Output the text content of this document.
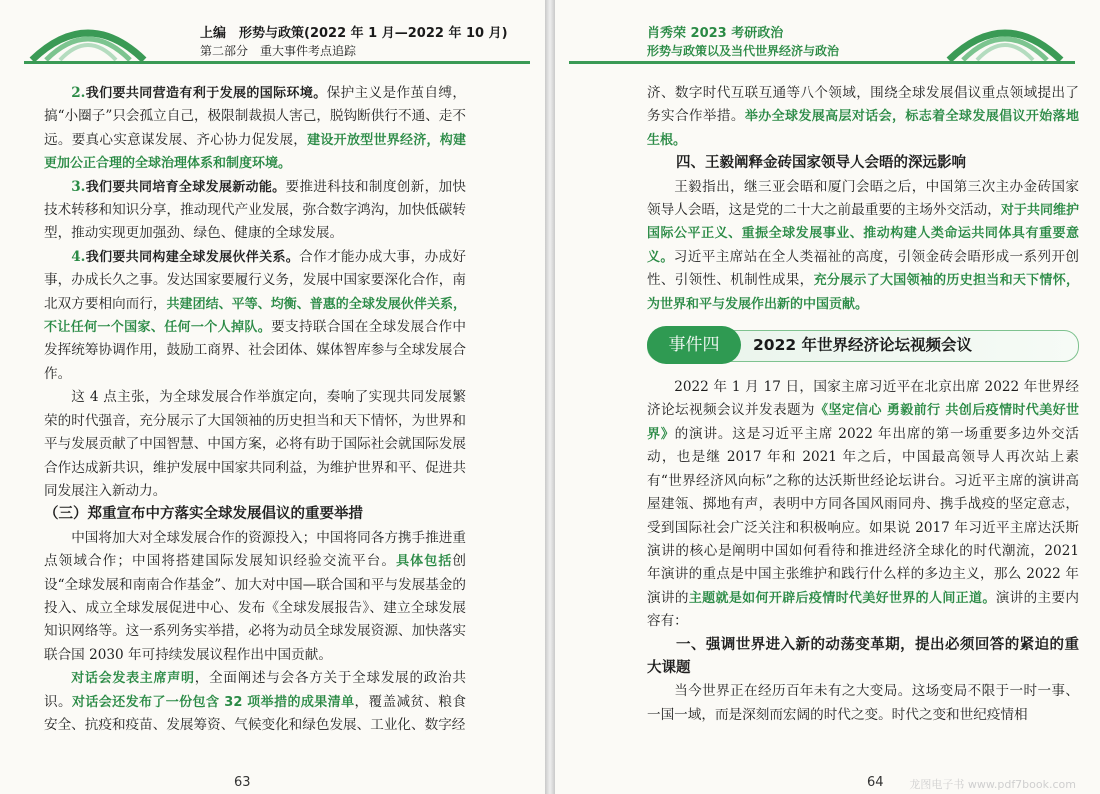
上编　形势与政策(2022 年 1 月—2022 年 10 月)
第二部分　重大事件考点追踪

2.我们要共同营造有利于发展的国际环境。保护主义是作茧自缚，搞“小圈子”只会孤立自己，极限制裁损人害己，脱钩断供行不通、走不远。要真心实意谋发展、齐心协力促发展，建设开放型世界经济，构建更加公正合理的全球治理体系和制度环境。

3.我们要共同培育全球发展新动能。要推进科技和制度创新，加快技术转移和知识分享，推动现代产业发展，弥合数字鸿沟，加快低碳转型，推动实现更加强劲、绿色、健康的全球发展。

4.我们要共同构建全球发展伙伴关系。合作才能办成大事，办成好事，办成长久之事。发达国家要履行义务，发展中国家要深化合作，南北双方要相向而行，共建团结、平等、均衡、普惠的全球发展伙伴关系，不让任何一个国家、任何一个人掉队。要支持联合国在全球发展合作中发挥统筹协调作用，鼓励工商界、社会团体、媒体智库参与全球发展合作。

这 4 点主张，为全球发展合作举旗定向，奏响了实现共同发展繁荣的时代强音，充分展示了大国领袖的历史担当和天下情怀，为世界和平与发展贡献了中国智慧、中国方案，必将有助于国际社会就国际发展合作达成新共识，维护发展中国家共同利益，为维护世界和平、促进共同发展注入新动力。

（三）郑重宣布中方落实全球发展倡议的重要举措

中国将加大对全球发展合作的资源投入；中国将同各方携手推进重点领域合作；中国将搭建国际发展知识经验交流平台。具体包括创设“全球发展和南南合作基金”、加大对中国—联合国和平与发展基金的投入、成立全球发展促进中心、发布《全球发展报告》、建立全球发展知识网络等。这一系列务实举措，必将为动员全球发展资源、加快落实联合国 2030 年可持续发展议程作出中国贡献。

对话会发表主席声明，全面阐述与会各方关于全球发展的政治共识。对话会还发布了一份包含 32 项举措的成果清单，覆盖减贫、粮食安全、抗疫和疫苗、发展筹资、气候变化和绿色发展、工业化、数字经

63
肖秀荣 2023 考研政治
形势与政策以及当代世界经济与政治

济、数字时代互联互通等八个领域，围绕全球发展倡议重点领域提出了务实合作举措。举办全球发展高层对话会，标志着全球发展倡议开始落地生根。

四、王毅阐释金砖国家领导人会晤的深远影响

王毅指出，继三亚会晤和厦门会晤之后，中国第三次主办金砖国家领导人会晤，这是党的二十大之前最重要的主场外交活动，对于共同维护国际公平正义、重振全球发展事业、推动构建人类命运共同体具有重要意义。习近平主席站在全人类福祉的高度，引领金砖会晤形成一系列开创性、引领性、机制性成果，充分展示了大国领袖的历史担当和天下情怀，为世界和平与发展作出新的中国贡献。

事件四	2022 年世界经济论坛视频会议

2022 年 1 月 17 日，国家主席习近平在北京出席 2022 年世界经济论坛视频会议并发表题为《坚定信心 勇毅前行 共创后疫情时代美好世界》的演讲。这是习近平主席 2022 年出席的第一场重要多边外交活动，也是继 2017 年和 2021 年之后，中国最高领导人再次站上素有“世界经济风向标”之称的达沃斯世经论坛讲台。习近平主席的演讲高屋建瓴、掷地有声，表明中方同各国风雨同舟、携手战疫的坚定意志，受到国际社会广泛关注和积极响应。如果说 2017 年习近平主席达沃斯演讲的核心是阐明中国如何看待和推进经济全球化的时代潮流，2021 年演讲的重点是中国主张维护和践行什么样的多边主义，那么 2022 年演讲的主题就是如何开辟后疫情时代美好世界的人间正道。演讲的主要内容有：

一、强调世界进入新的动荡变革期，提出必须回答的紧迫的重大课题

当今世界正在经历百年未有之大变局。这场变局不限于一时一事、一国一域，而是深刻而宏阔的时代之变。时代之变和世纪疫情相

64 龙图电子书 www.pdf7book.com
